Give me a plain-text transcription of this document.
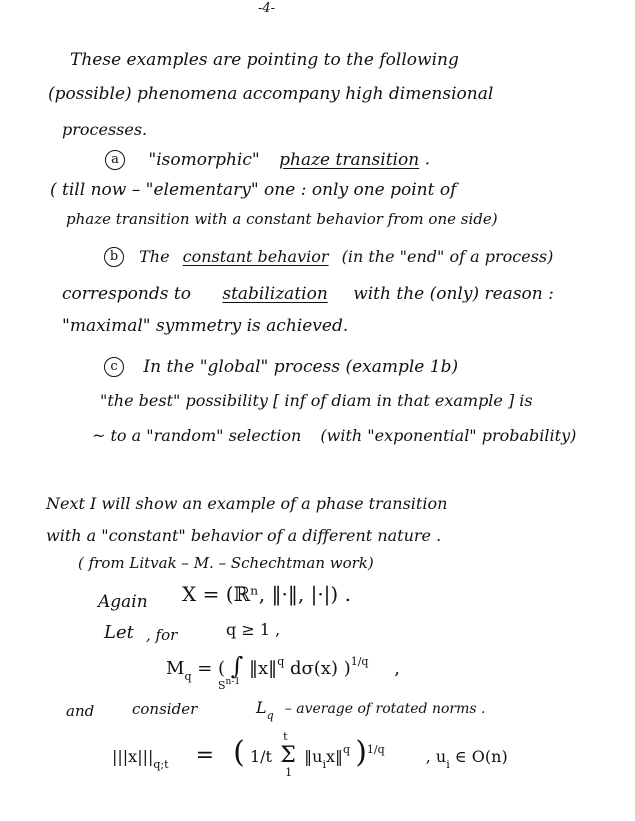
-4-
These examples are pointing to the following
(possible) phenomena accompany high dimensional
processes.
a "isomorphic" phaze transition .
( till now – "elementary" one : only one point of
phaze transition with a constant behavior from one side)
b The constant behavior (in the "end" of a process)
corresponds to stabilization with the (only) reason :
"maximal" symmetry is achieved.
c In the "global" process (example 1b)
"the best" possibility [ inf of diam in that example ] is
~ to a "random" selection (with "exponential" probability)
Next I will show an example of a phase transition
with a "constant" behavior of a different nature .
( from Litvak – M. – Schechtman work)
Again X = (ℝⁿ, ‖·‖, |·|) .
Let , for	q ≥ 1 ,
$M_q$ = ( ∫ ‖x‖$^q$ dσ(x) )$^{1/q}$ ,
$S^{n-1}$
and	consider	$L_q$ – average of rotated norms .
$|||x|||_{q;t}$ = ( 1/t
t
Σ
1
$‖u_ix‖^q$ )$^{1/q}$	, $u_i$ ∈ O(n)
